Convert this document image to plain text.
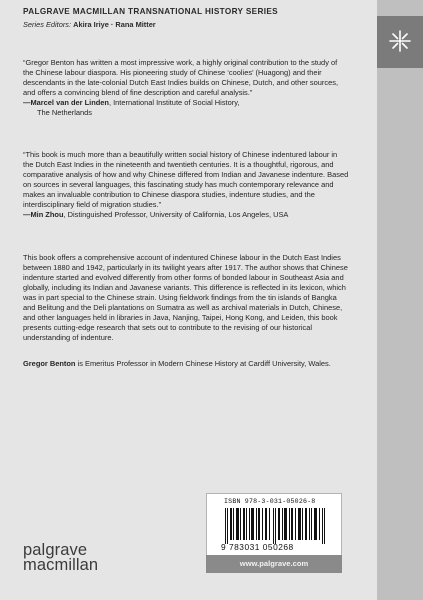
PALGRAVE MACMILLAN TRANSNATIONAL HISTORY SERIES
Series Editors: Akira Iriye · Rana Mitter

“Gregor Benton has written a most impressive work, a highly original contribution to the study of the Chinese labour diaspora. His pioneering study of Chinese ‘coolies’ (Huagong) and their descendants in the late-colonial Dutch East Indies builds on Chinese, Dutch, and other sources, and offers a convincing blend of fine description and careful analysis.”
—Marcel van der Linden, International Institute of Social History,
The Netherlands

“This book is much more than a beautifully written social history of Chinese indentured labour in the Dutch East Indies in the nineteenth and twentieth centuries. It is a thoughtful, rigorous, and comparative analysis of how and why Chinese differed from Indian and Javanese indenture. Based on sources in several languages, this fascinating study has much contemporary relevance and makes an invaluable contribution to Chinese diaspora studies, indenture studies, and the interdisciplinary field of migration studies.”
—Min Zhou, Distinguished Professor, University of California, Los Angeles, USA

This book offers a comprehensive account of indentured Chinese labour in the Dutch East Indies between 1880 and 1942, particularly in its twilight years after 1917. The author shows that Chinese indenture started and evolved differently from other forms of bonded labour in Southeast Asia and globally, including its Indian and Javanese variants. This difference is reflected in its lexicon, which was in part special to the Chinese strain. Using fieldwork findings from the tin islands of Bangka and Belitung and the Deli plantations on Sumatra as well as archival materials in Dutch, Chinese, and other languages held in libraries in Java, Nanjing, Taipei, Hong Kong, and Leiden, this book presents cutting-edge research that sets out to contribute to the revising of our historical understanding of indenture.

Gregor Benton is Emeritus Professor in Modern Chinese History at Cardiff University, Wales.

palgrave
macmillan
ISBN 978-3-031-05026-8
9 783031 050268
www.palgrave.com
